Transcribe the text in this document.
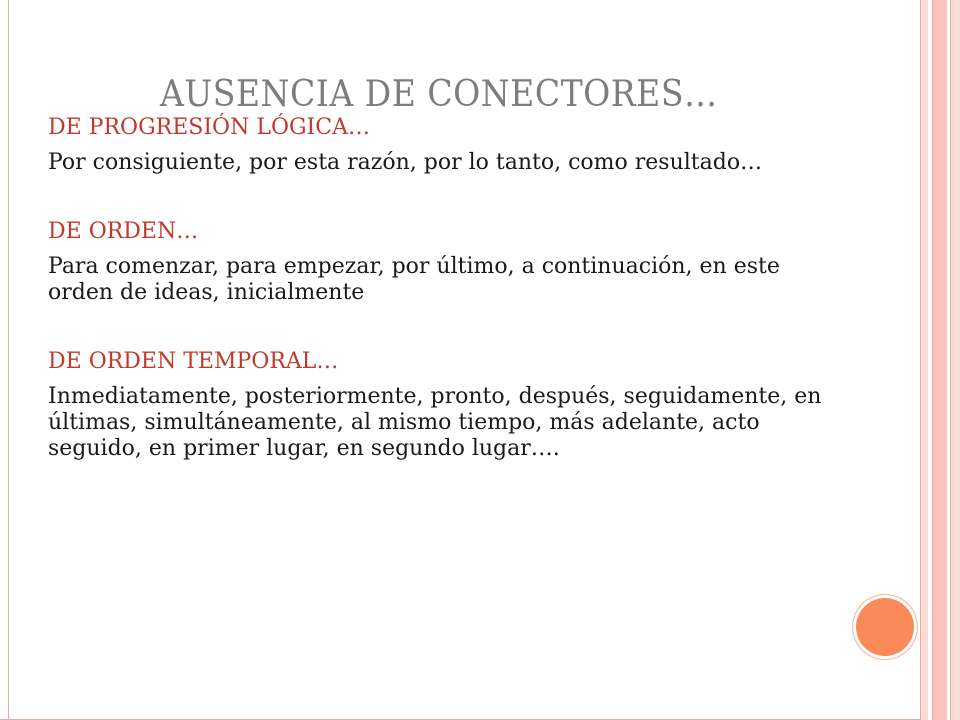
AUSENCIA DE CONECTORES…

DE PROGRESIÓN LÓGICA…

Por consiguiente, por esta razón, por lo tanto, como resultado…

DE ORDEN…

Para comenzar, para empezar, por último, a continuación, en este orden de ideas, inicialmente

DE ORDEN TEMPORAL…

Inmediatamente, posteriormente, pronto, después, seguidamente, en últimas, simultáneamente, al mismo tiempo, más adelante, acto seguido, en primer lugar, en segundo lugar….
